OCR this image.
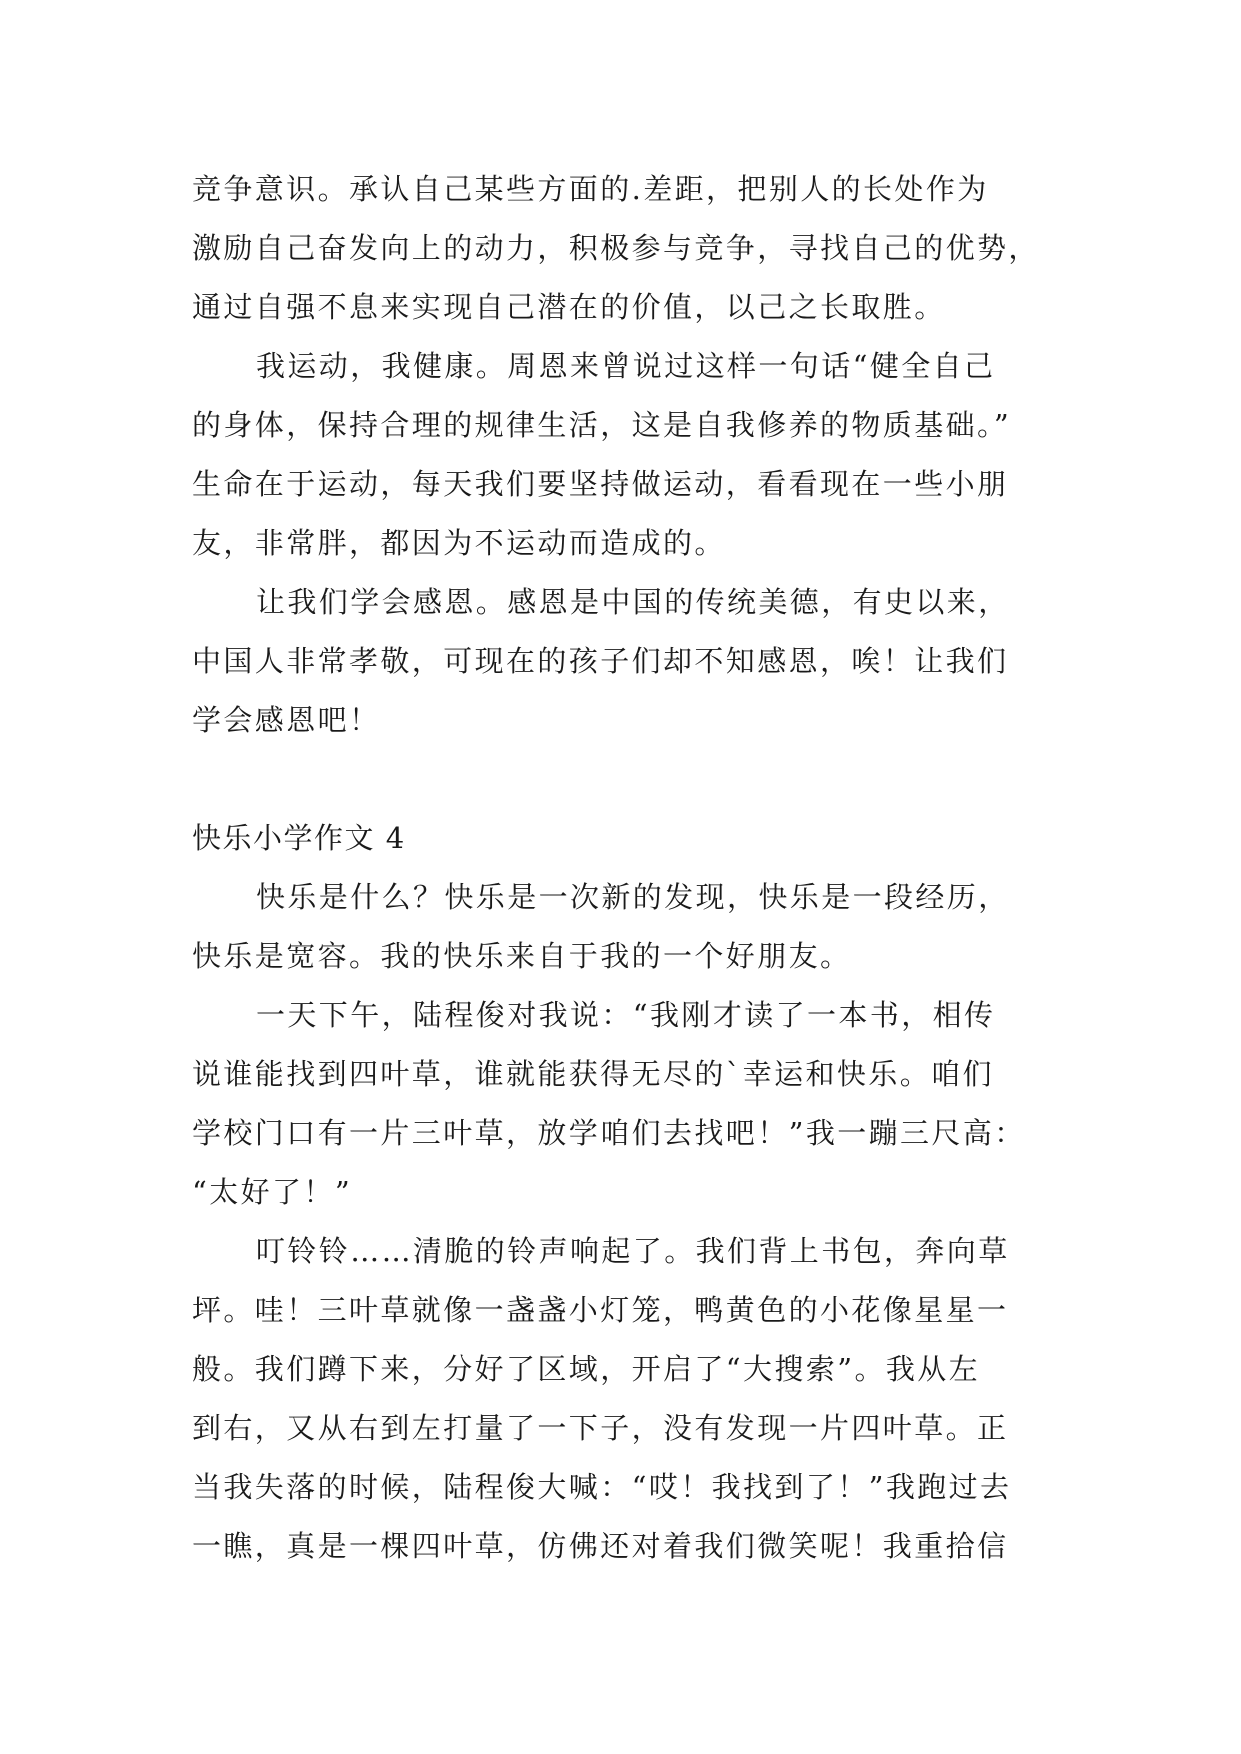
竞争意识。承认自己某些方面的.差距，把别人的长处作为
激励自己奋发向上的动力，积极参与竞争，寻找自己的优势，
通过自强不息来实现自己潜在的价值，以己之长取胜。
我运动，我健康。周恩来曾说过这样一句话“健全自己
的身体，保持合理的规律生活，这是自我修养的物质基础。”
生命在于运动，每天我们要坚持做运动，看看现在一些小朋
友，非常胖，都因为不运动而造成的。
让我们学会感恩。感恩是中国的传统美德，有史以来，
中国人非常孝敬，可现在的孩子们却不知感恩，唉！让我们
学会感恩吧！
快乐小学作文 4
快乐是什么？快乐是一次新的发现，快乐是一段经历，
快乐是宽容。我的快乐来自于我的一个好朋友。
一天下午，陆程俊对我说：“我刚才读了一本书，相传
说谁能找到四叶草，谁就能获得无尽的`幸运和快乐。咱们
学校门口有一片三叶草，放学咱们去找吧！”我一蹦三尺高：
“太好了！”
叮铃铃……清脆的铃声响起了。我们背上书包，奔向草
坪。哇！三叶草就像一盏盏小灯笼，鸭黄色的小花像星星一
般。我们蹲下来，分好了区域，开启了“大搜索”。我从左
到右，又从右到左打量了一下子，没有发现一片四叶草。正
当我失落的时候，陆程俊大喊：“哎！我找到了！”我跑过去
一瞧，真是一棵四叶草，仿佛还对着我们微笑呢！我重拾信
